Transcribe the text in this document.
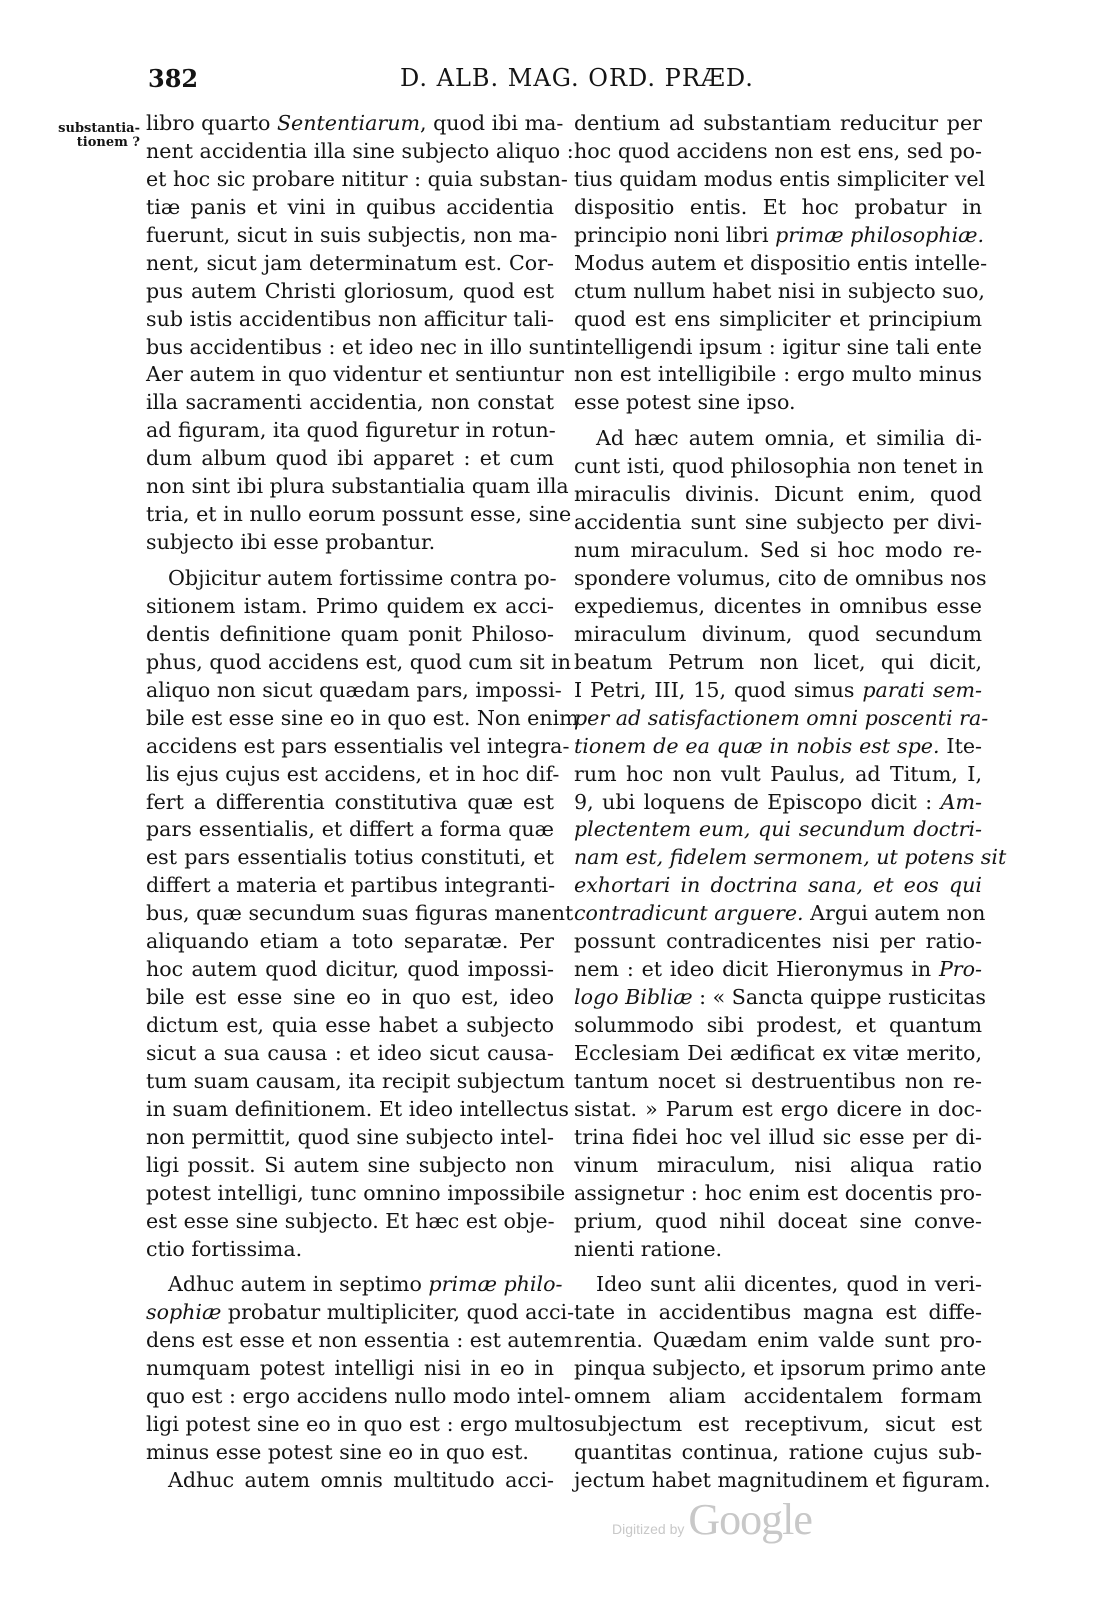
382	D. ALB. MAG. ORD. PRÆD.
substantia-
tionem ?
libro quarto Sententiarum, quod ibi ma-
nent accidentia illa sine subjecto aliquo :
et hoc sic probare nititur : quia substan-
tiæ panis et vini in quibus accidentia
fuerunt, sicut in suis subjectis, non ma-
nent, sicut jam determinatum est. Cor-
pus autem Christi gloriosum, quod est
sub istis accidentibus non afficitur tali-
bus accidentibus : et ideo nec in illo sunt.
Aer autem in quo videntur et sentiuntur
illa sacramenti accidentia, non constat
ad figuram, ita quod figuretur in rotun-
dum album quod ibi apparet : et cum
non sint ibi plura substantialia quam illa
tria, et in nullo eorum possunt esse, sine
subjecto ibi esse probantur.
Objicitur autem fortissime contra po-
sitionem istam. Primo quidem ex acci-
dentis definitione quam ponit Philoso-
phus, quod accidens est, quod cum sit in
aliquo non sicut quædam pars, impossi-
bile est esse sine eo in quo est. Non enim
accidens est pars essentialis vel integra-
lis ejus cujus est accidens, et in hoc dif-
fert a differentia constitutiva quæ est
pars essentialis, et differt a forma quæ
est pars essentialis totius constituti, et
differt a materia et partibus integranti-
bus, quæ secundum suas figuras manent
aliquando etiam a toto separatæ. Per
hoc autem quod dicitur, quod impossi-
bile est esse sine eo in quo est, ideo
dictum est, quia esse habet a subjecto
sicut a sua causa : et ideo sicut causa-
tum suam causam, ita recipit subjectum
in suam definitionem. Et ideo intellectus
non permittit, quod sine subjecto intel-
ligi possit. Si autem sine subjecto non
potest intelligi, tunc omnino impossibile
est esse sine subjecto. Et hæc est obje-
ctio fortissima.
Adhuc autem in septimo primæ philo-
sophiæ probatur multipliciter, quod acci-
dens est esse et non essentia : est autem
numquam potest intelligi nisi in eo in
quo est : ergo accidens nullo modo intel-
ligi potest sine eo in quo est : ergo multo
minus esse potest sine eo in quo est.
Adhuc autem omnis multitudo acci-
dentium ad substantiam reducitur per
hoc quod accidens non est ens, sed po-
tius quidam modus entis simpliciter vel
dispositio entis. Et hoc probatur in
principio noni libri primæ philosophiæ.
Modus autem et dispositio entis intelle-
ctum nullum habet nisi in subjecto suo,
quod est ens simpliciter et principium
intelligendi ipsum : igitur sine tali ente
non est intelligibile : ergo multo minus
esse potest sine ipso.
Ad hæc autem omnia, et similia di-
cunt isti, quod philosophia non tenet in
miraculis divinis. Dicunt enim, quod
accidentia sunt sine subjecto per divi-
num miraculum. Sed si hoc modo re-
spondere volumus, cito de omnibus nos
expediemus, dicentes in omnibus esse
miraculum divinum, quod secundum
beatum Petrum non licet, qui dicit,
I Petri, III, 15, quod simus parati sem-
per ad satisfactionem omni poscenti ra-
tionem de ea quæ in nobis est spe. Ite-
rum hoc non vult Paulus, ad Titum, I,
9, ubi loquens de Episcopo dicit : Am-
plectentem eum, qui secundum doctri-
nam est, fidelem sermonem, ut potens sit
exhortari in doctrina sana, et eos qui
contradicunt arguere. Argui autem non
possunt contradicentes nisi per ratio-
nem : et ideo dicit Hieronymus in Pro-
logo Bibliæ : « Sancta quippe rusticitas
solummodo sibi prodest, et quantum
Ecclesiam Dei ædificat ex vitæ merito,
tantum nocet si destruentibus non re-
sistat. » Parum est ergo dicere in doc-
trina fidei hoc vel illud sic esse per di-
vinum miraculum, nisi aliqua ratio
assignetur : hoc enim est docentis pro-
prium, quod nihil doceat sine conve-
nienti ratione.
Ideo sunt alii dicentes, quod in veri-
tate in accidentibus magna est diffe-
rentia. Quædam enim valde sunt pro-
pinqua subjecto, et ipsorum primo ante
omnem aliam accidentalem formam
subjectum est receptivum, sicut est
quantitas continua, ratione cujus sub-
jectum habet magnitudinem et figuram.
Digitized by Google
